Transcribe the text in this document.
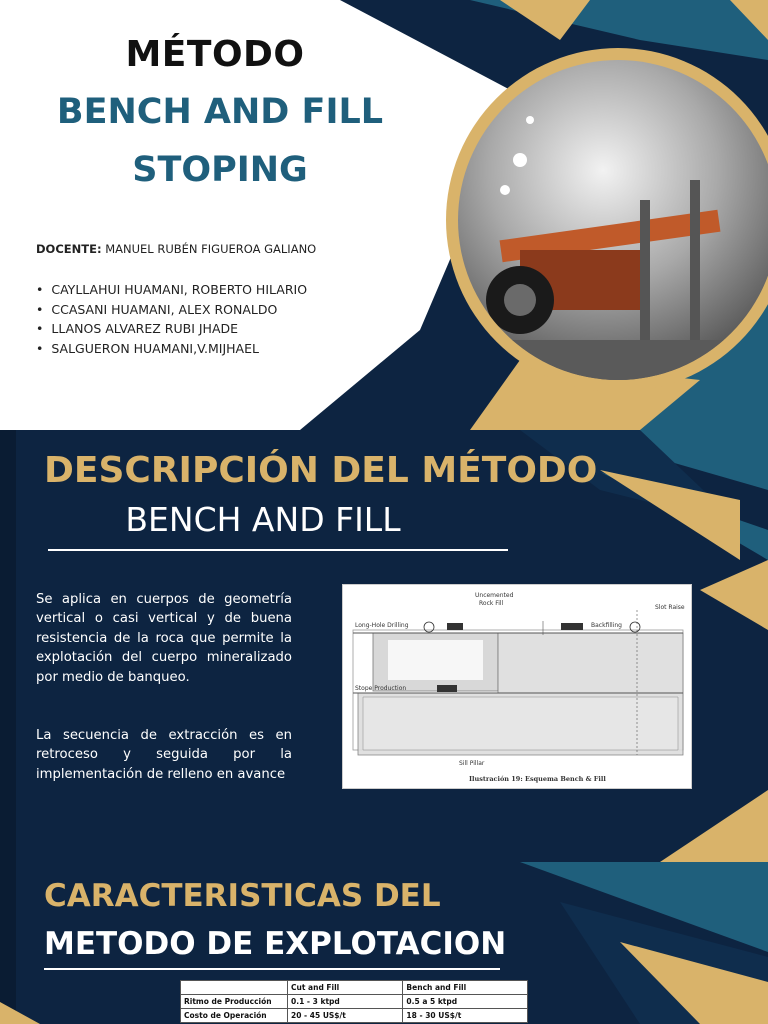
MÉTODO
BENCH AND FILL
STOPING
DOCENTE: MANUEL RUBÉN FIGUEROA GALIANO
• CAYLLAHUI HUAMANI, ROBERTO HILARIO
• CCASANI HUAMANI, ALEX RONALDO
• LLANOS ALVAREZ RUBI JHADE
• SALGUERON HUAMANI,V.MIJHAEL
DESCRIPCIÓN DEL MÉTODO
BENCH AND FILL
Se aplica en cuerpos de geometría vertical o casi vertical y de buena resistencia de la roca que permite la explotación del cuerpo mineralizado por medio de banqueo.
La secuencia de extracción es en retroceso y seguida por la implementación de relleno en avance
Uncemented
Rock Fill
Slot Raise
Long-Hole Drilling	Backfilling
Stope Production
Sill Pillar
Ilustración 19: Esquema Bench & Fill
CARACTERISTICAS DEL
METODO DE EXPLOTACION
	Cut and Fill	Bench and Fill
Ritmo de Producción	0.1 - 3 ktpd	0.5 a 5 ktpd
Costo de Operación	20 - 45 US$/t	18 - 30 US$/t
